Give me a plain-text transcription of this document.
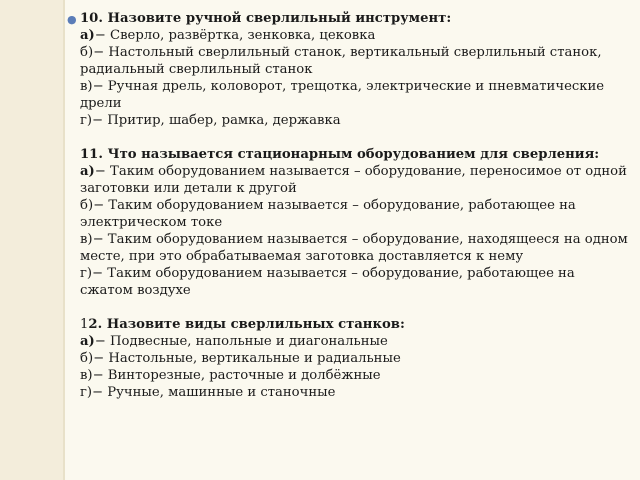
● 10. Назовите ручной сверлильный инструмент:
а)− Сверло, развёртка, зенковка, цековка
б)− Настольный сверлильный станок, вертикальный сверлильный станок, радиальный сверлильный станок
в)− Ручная дрель, коловорот, трещотка, электрические и пневматические дрели
г)− Притир, шабер, рамка, державка
11. Что называется стационарным оборудованием для сверления:
а)− Таким оборудованием называется – оборудование, переносимое от одной заготовки или детали к другой
б)− Таким оборудованием называется – оборудование, работающее на электрическом токе
в)− Таким оборудованием называется – оборудование, находящееся на одном месте, при это обрабатываемая заготовка доставляется к нему
г)− Таким оборудованием называется – оборудование, работающее на сжатом воздухе
12. Назовите виды сверлильных станков:
а)− Подвесные, напольные и диагональные
б)− Настольные, вертикальные и радиальные
в)− Винторезные, расточные и долбёжные
г)− Ручные, машинные и станочные
